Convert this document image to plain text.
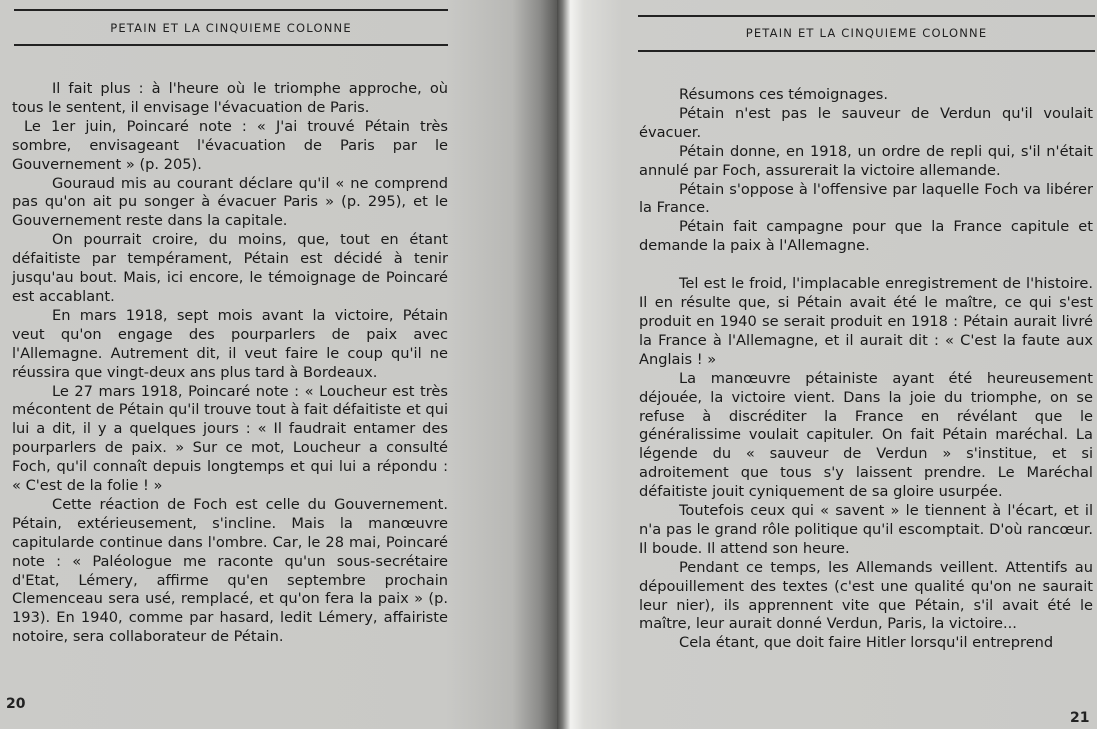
PETAIN ET LA CINQUIEME COLONNE

Il fait plus : à l'heure où le triomphe approche, où tous le sentent, il envisage l'évacuation de Paris.

Le 1er juin, Poincaré note : « J'ai trouvé Pétain très sombre, envisageant l'évacuation de Paris par le Gouvernement » (p. 205).

Gouraud mis au courant déclare qu'il « ne comprend pas qu'on ait pu songer à évacuer Paris » (p. 295), et le Gouvernement reste dans la capitale.

On pourrait croire, du moins, que, tout en étant défaitiste par tempérament, Pétain est décidé à tenir jusqu'au bout. Mais, ici encore, le témoignage de Poincaré est accablant.

En mars 1918, sept mois avant la victoire, Pétain veut qu'on engage des pourparlers de paix avec l'Allemagne. Autrement dit, il veut faire le coup qu'il ne réussira que vingt-deux ans plus tard à Bordeaux.

Le 27 mars 1918, Poincaré note : « Loucheur est très mécontent de Pétain qu'il trouve tout à fait défaitiste et qui lui a dit, il y a quelques jours : « Il faudrait entamer des pourparlers de paix. » Sur ce mot, Loucheur a consulté Foch, qu'il connaît depuis longtemps et qui lui a répondu : « C'est de la folie ! »

Cette réaction de Foch est celle du Gouvernement. Pétain, extérieusement, s'incline. Mais la manœuvre capitularde continue dans l'ombre. Car, le 28 mai, Poincaré note : « Paléologue me raconte qu'un sous-secrétaire d'Etat, Lémery, affirme qu'en septembre prochain Clemenceau sera usé, remplacé, et qu'on fera la paix » (p. 193). En 1940, comme par hasard, ledit Lémery, affairiste notoire, sera collaborateur de Pétain.

20
PETAIN ET LA CINQUIEME COLONNE

Résumons ces témoignages.

Pétain n'est pas le sauveur de Verdun qu'il voulait évacuer.

Pétain donne, en 1918, un ordre de repli qui, s'il n'était annulé par Foch, assurerait la victoire allemande.

Pétain s'oppose à l'offensive par laquelle Foch va libérer la France.

Pétain fait campagne pour que la France capitule et demande la paix à l'Allemagne.

Tel est le froid, l'implacable enregistrement de l'histoire. Il en résulte que, si Pétain avait été le maître, ce qui s'est produit en 1940 se serait produit en 1918 : Pétain aurait livré la France à l'Allemagne, et il aurait dit : « C'est la faute aux Anglais ! »

La manœuvre pétainiste ayant été heureusement déjouée, la victoire vient. Dans la joie du triomphe, on se refuse à discréditer la France en révélant que le généralissime voulait capituler. On fait Pétain maréchal. La légende du « sauveur de Verdun » s'institue, et si adroitement que tous s'y laissent prendre. Le Maréchal défaitiste jouit cyniquement de sa gloire usurpée.

Toutefois ceux qui « savent » le tiennent à l'écart, et il n'a pas le grand rôle politique qu'il escomptait. D'où rancœur. Il boude. Il attend son heure.

Pendant ce temps, les Allemands veillent. Attentifs au dépouillement des textes (c'est une qualité qu'on ne saurait leur nier), ils apprennent vite que Pétain, s'il avait été le maître, leur aurait donné Verdun, Paris, la victoire...

Cela étant, que doit faire Hitler lorsqu'il entreprend

21
